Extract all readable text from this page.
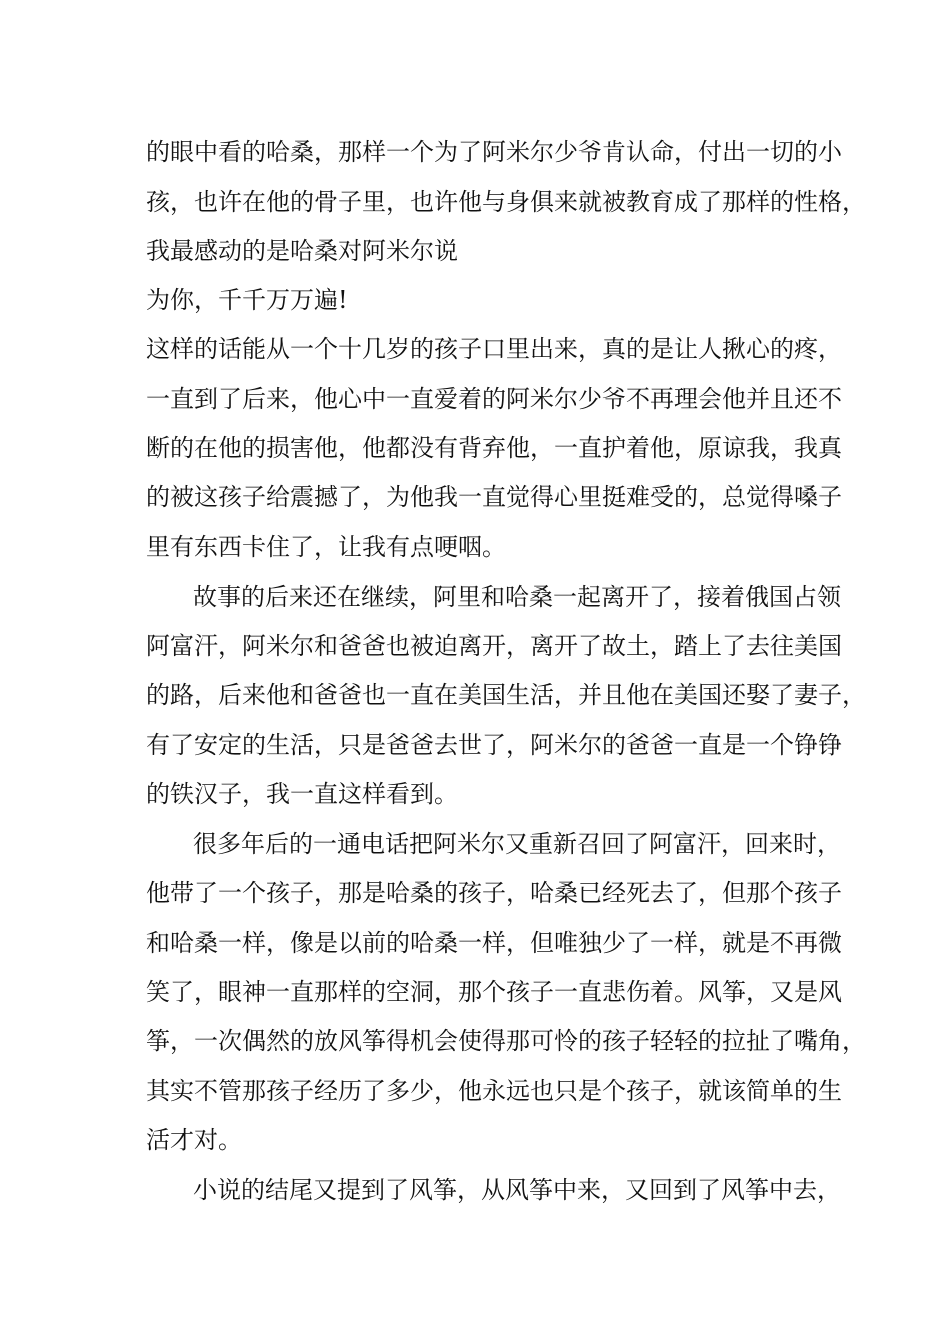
的眼中看的哈桑，那样一个为了阿米尔少爷肯认命，付出一切的小

孩，也许在他的骨子里，也许他与身俱来就被教育成了那样的性格，

我最感动的是哈桑对阿米尔说

为你，千千万万遍!

这样的话能从一个十几岁的孩子口里出来，真的是让人揪心的疼，

一直到了后来，他心中一直爱着的阿米尔少爷不再理会他并且还不

断的在他的损害他，他都没有背弃他，一直护着他，原谅我，我真

的被这孩子给震撼了，为他我一直觉得心里挺难受的，总觉得嗓子

里有东西卡住了，让我有点哽咽。

故事的后来还在继续，阿里和哈桑一起离开了，接着俄国占领

阿富汗，阿米尔和爸爸也被迫离开，离开了故土，踏上了去往美国

的路，后来他和爸爸也一直在美国生活，并且他在美国还娶了妻子，

有了安定的生活，只是爸爸去世了，阿米尔的爸爸一直是一个铮铮

的铁汉子，我一直这样看到。

很多年后的一通电话把阿米尔又重新召回了阿富汗，回来时，

他带了一个孩子，那是哈桑的孩子，哈桑已经死去了，但那个孩子

和哈桑一样，像是以前的哈桑一样，但唯独少了一样，就是不再微

笑了，眼神一直那样的空洞，那个孩子一直悲伤着。风筝，又是风

筝，一次偶然的放风筝得机会使得那可怜的孩子轻轻的拉扯了嘴角，

其实不管那孩子经历了多少，他永远也只是个孩子，就该简单的生

活才对。

小说的结尾又提到了风筝，从风筝中来，又回到了风筝中去，
